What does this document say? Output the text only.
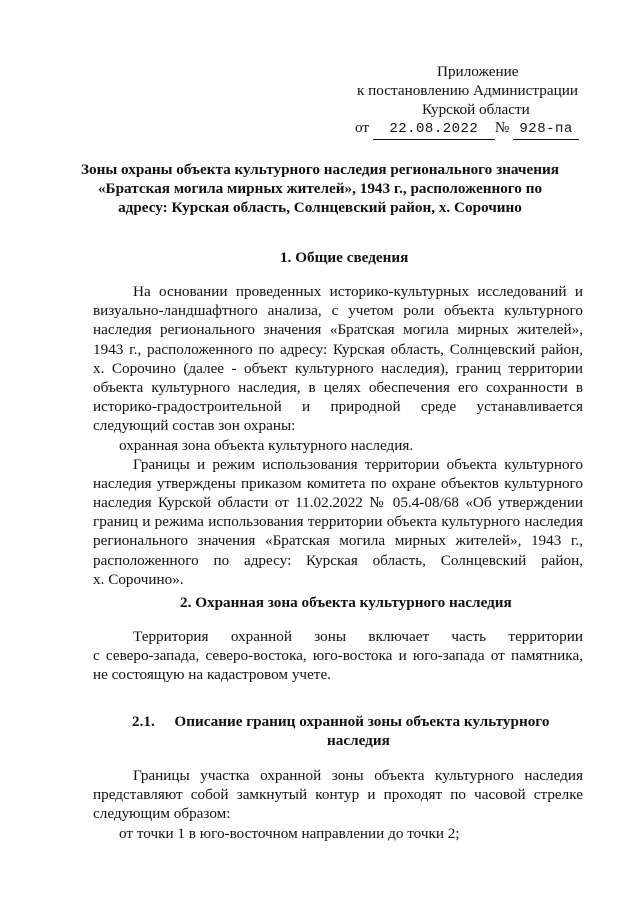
Приложение
к постановлению Администрации
Курской области
от 22.08.2022 № 928-па
Зоны охраны объекта культурного наследия регионального значения
«Братская могила мирных жителей», 1943 г., расположенного по
адресу: Курская область, Солнцевский район, х. Сорочино
1. Общие сведения
На основании проведенных историко-культурных исследований и
визуально-ландшафтного анализа, с учетом роли объекта культурного
наследия регионального значения «Братская могила мирных жителей»,
1943 г., расположенного по адресу: Курская область, Солнцевский район,
х. Сорочино (далее - объект культурного наследия), границ территории
объекта культурного наследия, в целях обеспечения его сохранности в
историко-градостроительной и природной среде устанавливается
следующий состав зон охраны:
охранная зона объекта культурного наследия.
Границы и режим использования территории объекта культурного
наследия утверждены приказом комитета по охране объектов культурного
наследия Курской области от 11.02.2022 № 05.4-08/68 «Об утверждении
границ и режима использования территории объекта культурного наследия
регионального значения «Братская могила мирных жителей», 1943 г.,
расположенного по адресу: Курская область, Солнцевский район,
х. Сорочино».
2. Охранная зона объекта культурного наследия
Территория охранной зоны включает часть территории
с северо-запада, северо-востока, юго-востока и юго-запада от памятника,
не состоящую на кадастровом учете.
2.1. Описание границ охранной зоны объекта культурного
наследия
Границы участка охранной зоны объекта культурного наследия
представляют собой замкнутый контур и проходят по часовой стрелке
следующим образом:
от точки 1 в юго-восточном направлении до точки 2;
